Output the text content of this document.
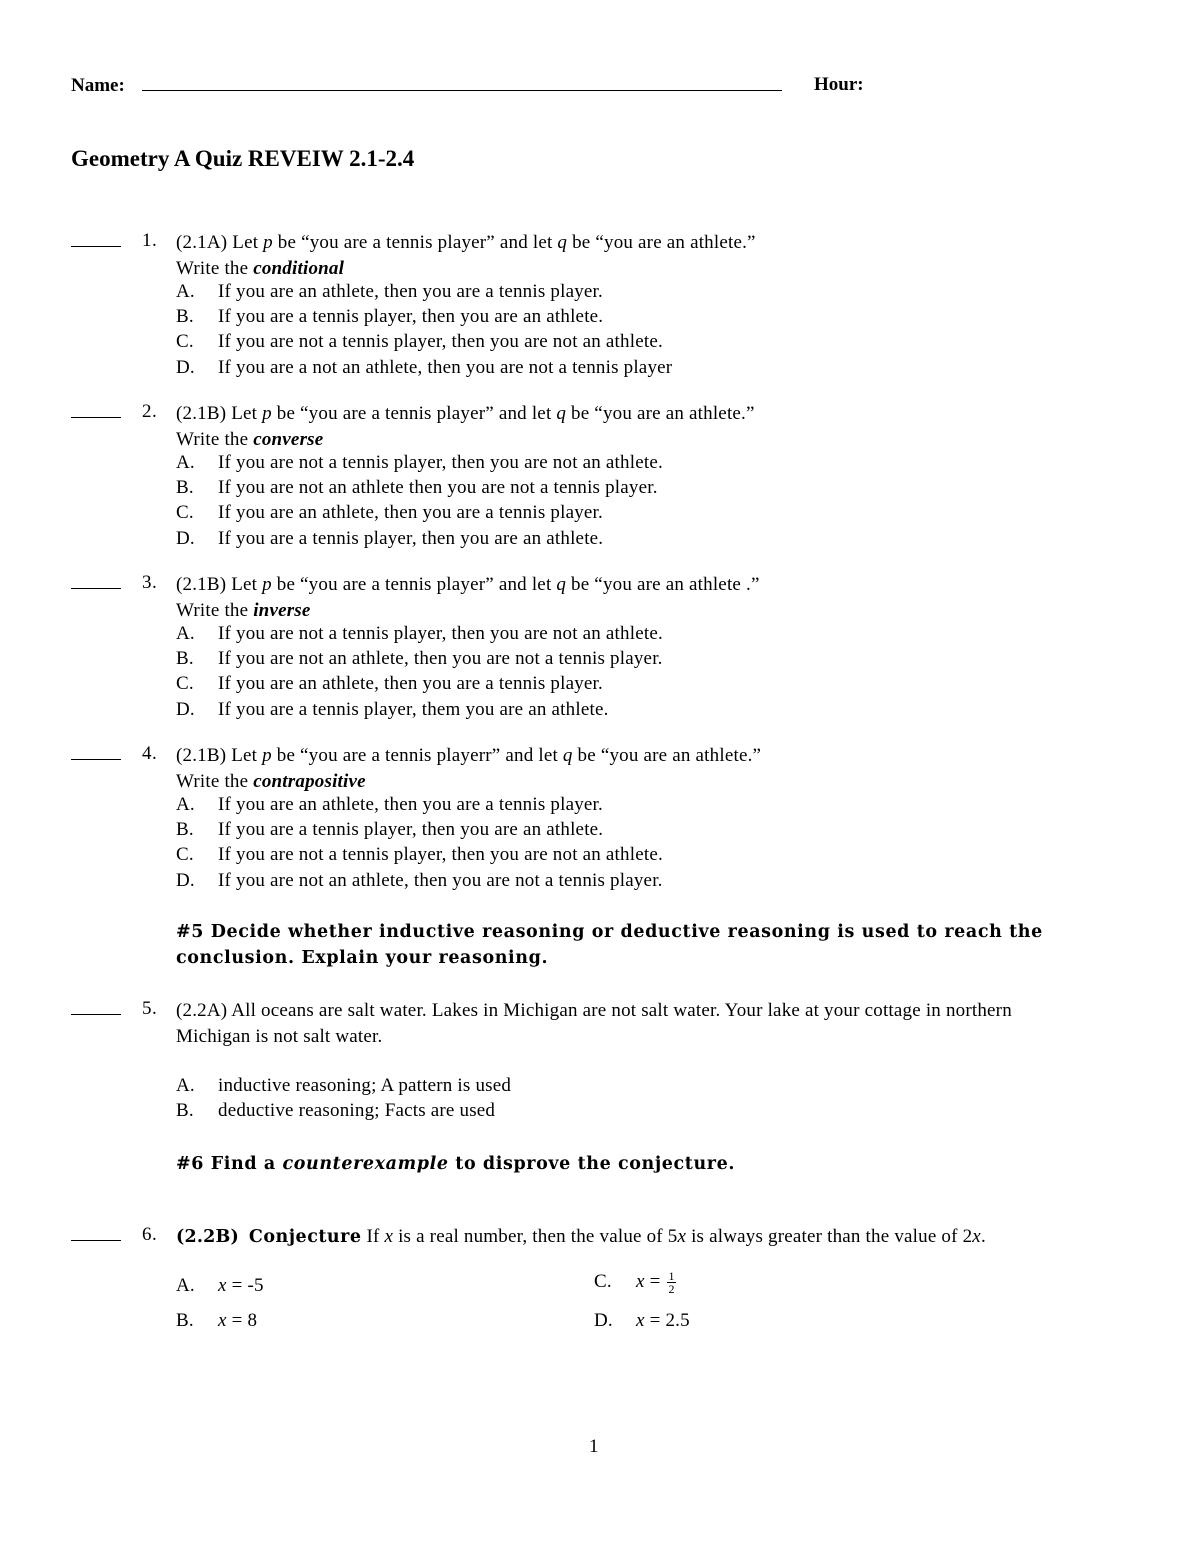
Name:	Hour:
Geometry A Quiz REVEIW 2.1-2.4
1. (2.1A) Let p be “you are a tennis player” and let q be “you are an athlete.”
Write the conditional
A. If you are an athlete, then you are a tennis player.
B. If you are a tennis player, then you are an athlete.
C. If you are not a tennis player, then you are not an athlete.
D. If you are a not an athlete, then you are not a tennis player
2. (2.1B) Let p be “you are a tennis player” and let q be “you are an athlete.”
Write the converse
A. If you are not a tennis player, then you are not an athlete.
B. If you are not an athlete then you are not a tennis player.
C. If you are an athlete, then you are a tennis player.
D. If you are a tennis player, then you are an athlete.
3. (2.1B) Let p be “you are a tennis player” and let q be “you are an athlete .”
Write the inverse
A. If you are not a tennis player, then you are not an athlete.
B. If you are not an athlete, then you are not a tennis player.
C. If you are an athlete, then you are a tennis player.
D. If you are a tennis player, them you are an athlete.
4. (2.1B) Let p be “you are a tennis playerr” and let q be “you are an athlete.”
Write the contrapositive
A. If you are an athlete, then you are a tennis player.
B. If you are a tennis player, then you are an athlete.
C. If you are not a tennis player, then you are not an athlete.
D. If you are not an athlete, then you are not a tennis player.
#5 Decide whether inductive reasoning or deductive reasoning is used to reach the conclusion. Explain your reasoning.
5. (2.2A) All oceans are salt water. Lakes in Michigan are not salt water. Your lake at your cottage in northern Michigan is not salt water.
A. inductive reasoning; A pattern is used
B. deductive reasoning; Facts are used
#6 Find a counterexample to disprove the conjecture.
6. (2.2B) Conjecture If x is a real number, then the value of 5x is always greater than the value of 2x.
A. x = -5
B. x = 8
C. $x = \frac{1}{2}$
D. x = 2.5
1
